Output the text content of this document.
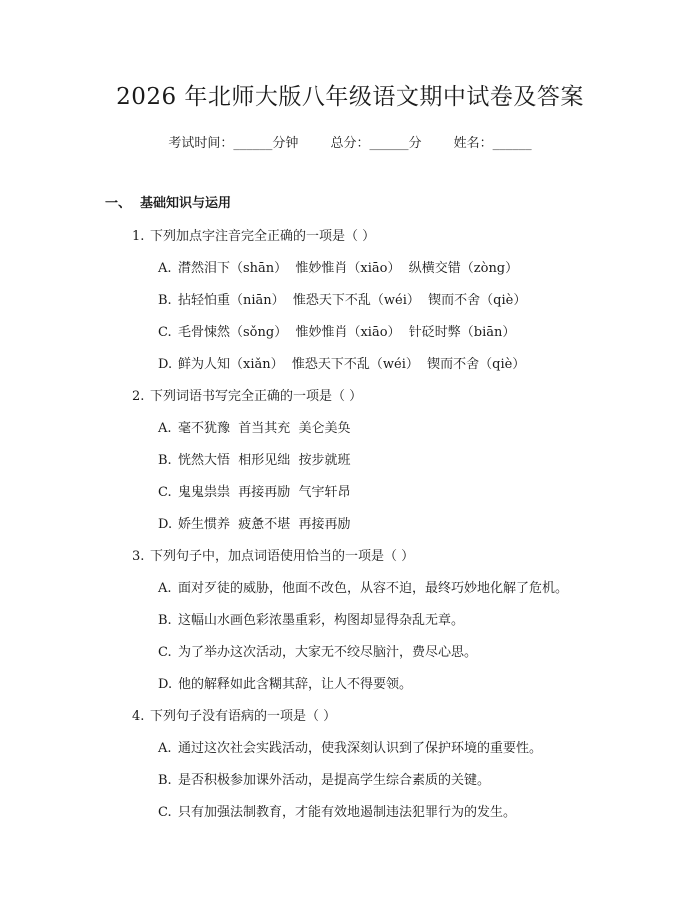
2026 年北师大版八年级语文期中试卷及答案
考试时间：______分钟 总分：______分 姓名：______
一、 基础知识与运用
1. 下列加点字注音完全正确的一项是（ ）
A. 潸然泪下（shān）  惟妙惟肖（xiāo）  纵横交错（zòng）
B. 拈轻怕重（niān）  惟恐天下不乱（wéi）  锲而不舍（qiè）
C. 毛骨悚然（sǒng）  惟妙惟肖（xiāo）  针砭时弊（biān）
D. 鲜为人知（xiǎn）  惟恐天下不乱（wéi）  锲而不舍（qiè）
2. 下列词语书写完全正确的一项是（ ）
A. 毫不犹豫  首当其充  美仑美奂
B. 恍然大悟  相形见绌  按步就班
C. 鬼鬼祟祟  再接再励  气宇轩昂
D. 娇生惯养  疲惫不堪  再接再励
3. 下列句子中，加点词语使用恰当的一项是（ ）
A. 面对歹徒的威胁，他面不改色，从容不迫，最终巧妙地化解了危机。
B. 这幅山水画色彩浓墨重彩，构图却显得杂乱无章。
C. 为了举办这次活动，大家无不绞尽脑汁，费尽心思。
D. 他的解释如此含糊其辞，让人不得要领。
4. 下列句子没有语病的一项是（ ）
A. 通过这次社会实践活动，使我深刻认识到了保护环境的重要性。
B. 是否积极参加课外活动，是提高学生综合素质的关键。
C. 只有加强法制教育，才能有效地遏制违法犯罪行为的发生。
